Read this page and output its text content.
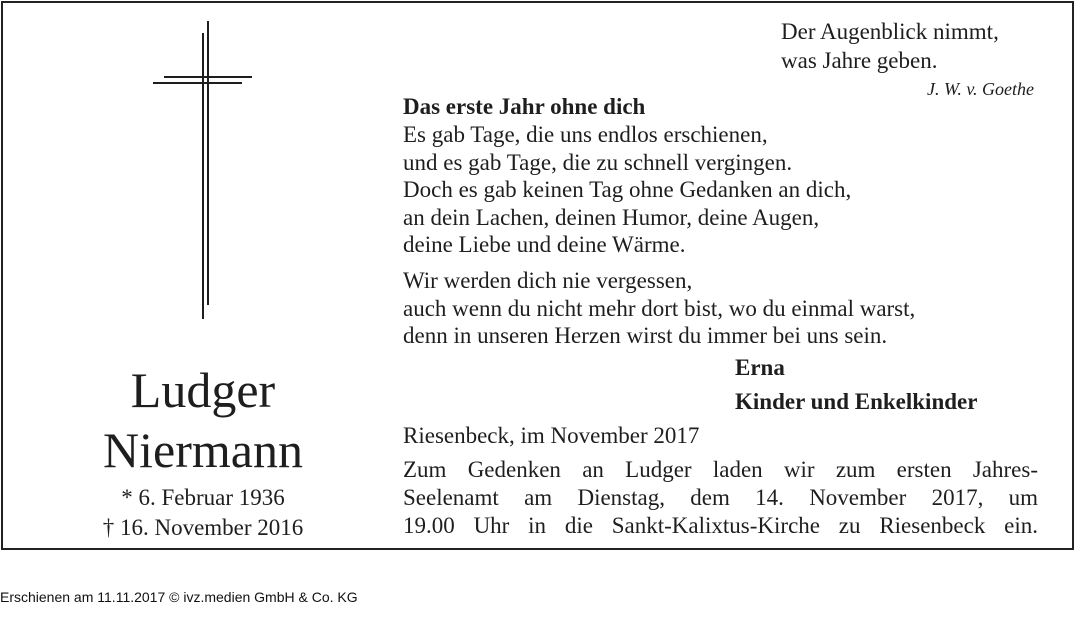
Ludger
Niermann
* 6. Februar 1936
† 16. November 2016
Der Augenblick nimmt,
was Jahre geben.
J. W. v. Goethe
Das erste Jahr ohne dich
Es gab Tage, die uns endlos erschienen,
und es gab Tage, die zu schnell vergingen.
Doch es gab keinen Tag ohne Gedanken an dich,
an dein Lachen, deinen Humor, deine Augen,
deine Liebe und deine Wärme.
Wir werden dich nie vergessen,
auch wenn du nicht mehr dort bist, wo du einmal warst,
denn in unseren Herzen wirst du immer bei uns sein.
Erna
Kinder und Enkelkinder
Riesenbeck, im November 2017
Zum Gedenken an Ludger laden wir zum ersten Jahres-
Seelenamt am Dienstag, dem 14. November 2017, um
19.00 Uhr in die Sankt-Kalixtus-Kirche zu Riesenbeck ein.
Erschienen am 11.11.2017 © ivz.medien GmbH & Co. KG
